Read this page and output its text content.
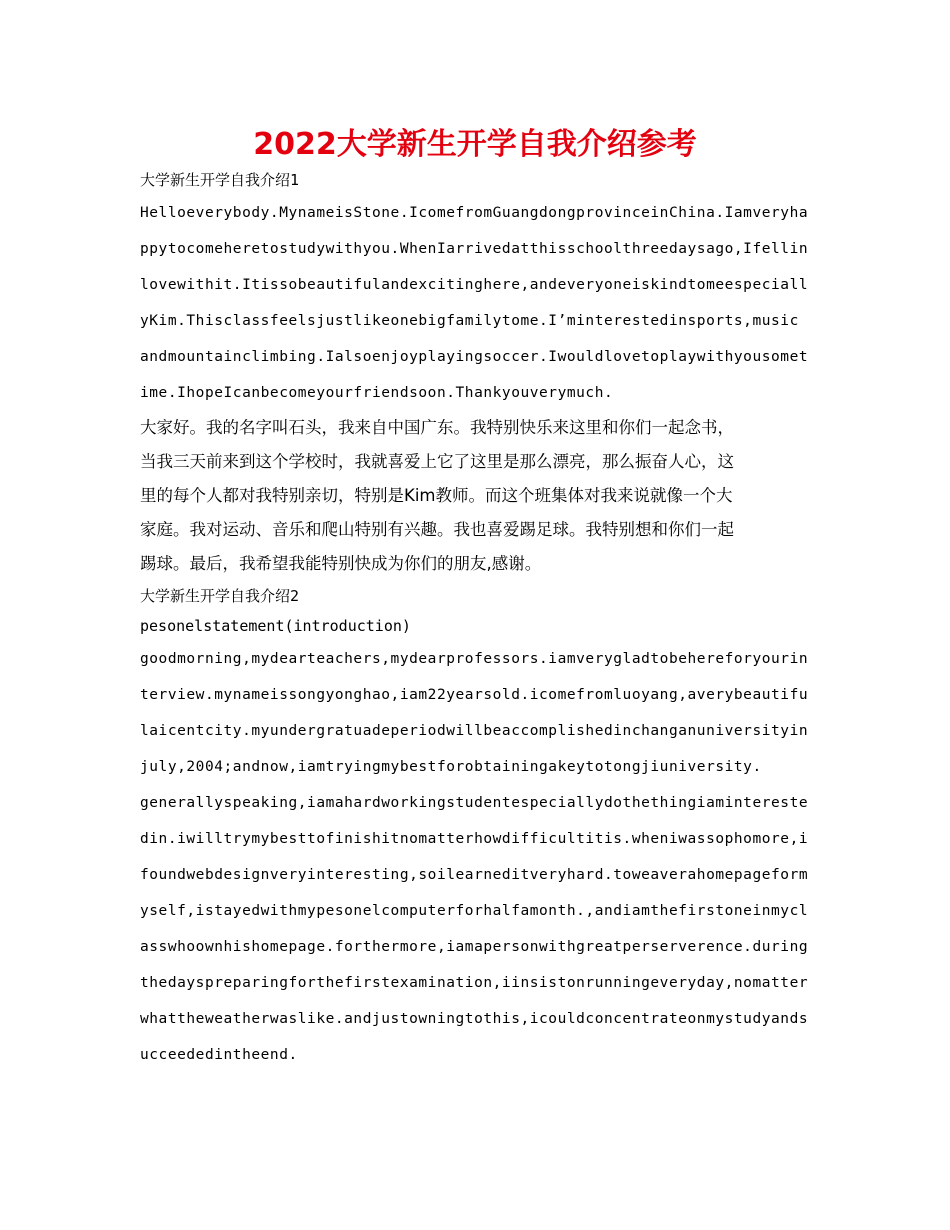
2022大学新生开学自我介绍参考

大学新生开学自我介绍1

Helloeverybody.MynameisStone.IcomefromGuangdongprovinceinChina.Iamveryha

ppytocomeheretostudywithyou.WhenIarrivedatthisschoolthreedaysago,Ifellin

lovewithit.Itissobeautifulandexcitinghere,andeveryoneiskindtomeespeciall

yKim.Thisclassfeelsjustlikeonebigfamilytome.I’minterestedinsports,music

andmountainclimbing.Ialsoenjoyplayingsoccer.Iwouldlovetoplaywithyousomet

ime.IhopeIcanbecomeyourfriendsoon.Thankyouverymuch.

大家好。我的名字叫石头，我来自中国广东。我特别快乐来这里和你们一起念书，

当我三天前来到这个学校时，我就喜爱上它了这里是那么漂亮，那么振奋人心，这

里的每个人都对我特别亲切，特别是Kim教师。而这个班集体对我来说就像一个大

家庭。我对运动、音乐和爬山特别有兴趣。我也喜爱踢足球。我特别想和你们一起

踢球。最后，我希望我能特别快成为你们的朋友,感谢。

大学新生开学自我介绍2

pesonelstatement(introduction)

goodmorning,mydearteachers,mydearprofessors.iamverygladtobehereforyourin

terview.mynameissongyonghao,iam22yearsold.icomefromluoyang,averybeautifu

laicentcity.myundergratuadeperiodwillbeaccomplishedinchanganuniversityin

july,2004;andnow,iamtryingmybestforobtainingakeytotongjiuniversity.

generallyspeaking,iamahardworkingstudentespeciallydothethingiamintereste

din.iwilltrymybesttofinishitnomatterhowdifficultitis.wheniwassophomore,i

foundwebdesignveryinteresting,soilearneditveryhard.toweaverahomepageform

yself,istayedwithmypesonelcomputerforhalfamonth.,andiamthefirstoneinmycl

asswhoownhishomepage.forthermore,iamapersonwithgreatperserverence.during

thedayspreparingforthefirstexamination,iinsistonrunningeveryday,nomatter

whattheweatherwaslike.andjustowningtothis,icouldconcentrateonmystudyands

ucceededintheend.
